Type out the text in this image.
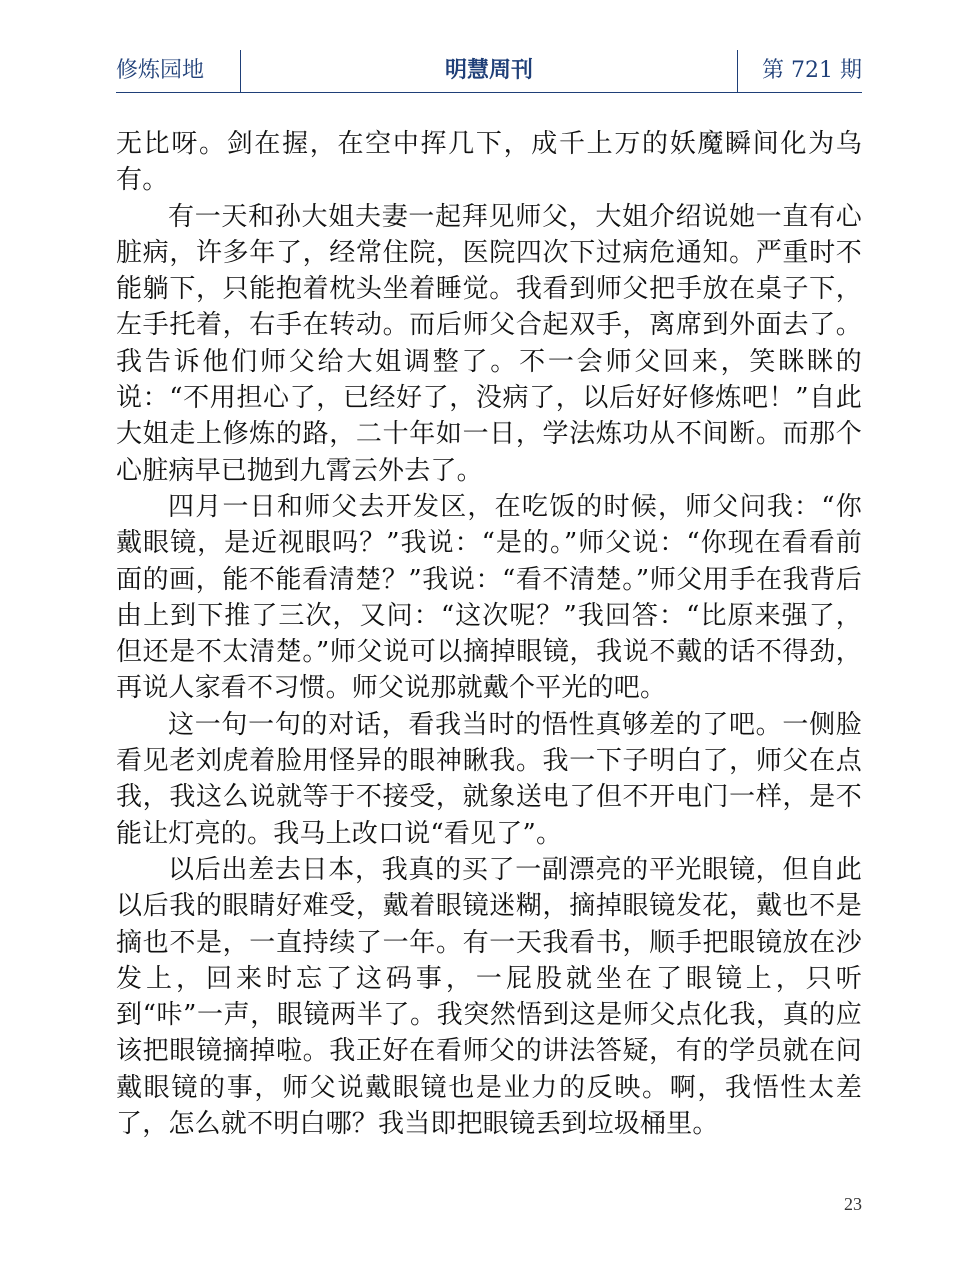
修炼园地	明慧周刊	第 721 期

无比呀。剑在握，在空中挥几下，成千上万的妖魔瞬间化为乌有。

有一天和孙大姐夫妻一起拜见师父，大姐介绍说她一直有心脏病，许多年了，经常住院，医院四次下过病危通知。严重时不能躺下，只能抱着枕头坐着睡觉。我看到师父把手放在桌子下，左手托着，右手在转动。而后师父合起双手，离席到外面去了。我告诉他们师父给大姐调整了。不一会师父回来，笑眯眯的说：“不用担心了，已经好了，没病了，以后好好修炼吧！”自此大姐走上修炼的路，二十年如一日，学法炼功从不间断。而那个心脏病早已抛到九霄云外去了。

四月一日和师父去开发区，在吃饭的时候，师父问我：“你戴眼镜，是近视眼吗？”我说：“是的。”师父说：“你现在看看前面的画，能不能看清楚？”我说：“看不清楚。”师父用手在我背后由上到下推了三次，又问：“这次呢？”我回答：“比原来强了，但还是不太清楚。”师父说可以摘掉眼镜，我说不戴的话不得劲，再说人家看不习惯。师父说那就戴个平光的吧。

这一句一句的对话，看我当时的悟性真够差的了吧。一侧脸看见老刘虎着脸用怪异的眼神瞅我。我一下子明白了，师父在点我，我这么说就等于不接受，就象送电了但不开电门一样，是不能让灯亮的。我马上改口说“看见了”。

以后出差去日本，我真的买了一副漂亮的平光眼镜，但自此以后我的眼睛好难受，戴着眼镜迷糊，摘掉眼镜发花，戴也不是摘也不是，一直持续了一年。有一天我看书，顺手把眼镜放在沙发上，回来时忘了这码事，一屁股就坐在了眼镜上，只听到“咔”一声，眼镜两半了。我突然悟到这是师父点化我，真的应该把眼镜摘掉啦。我正好在看师父的讲法答疑，有的学员就在问戴眼镜的事，师父说戴眼镜也是业力的反映。啊，我悟性太差了，怎么就不明白哪？我当即把眼镜丢到垃圾桶里。

23
